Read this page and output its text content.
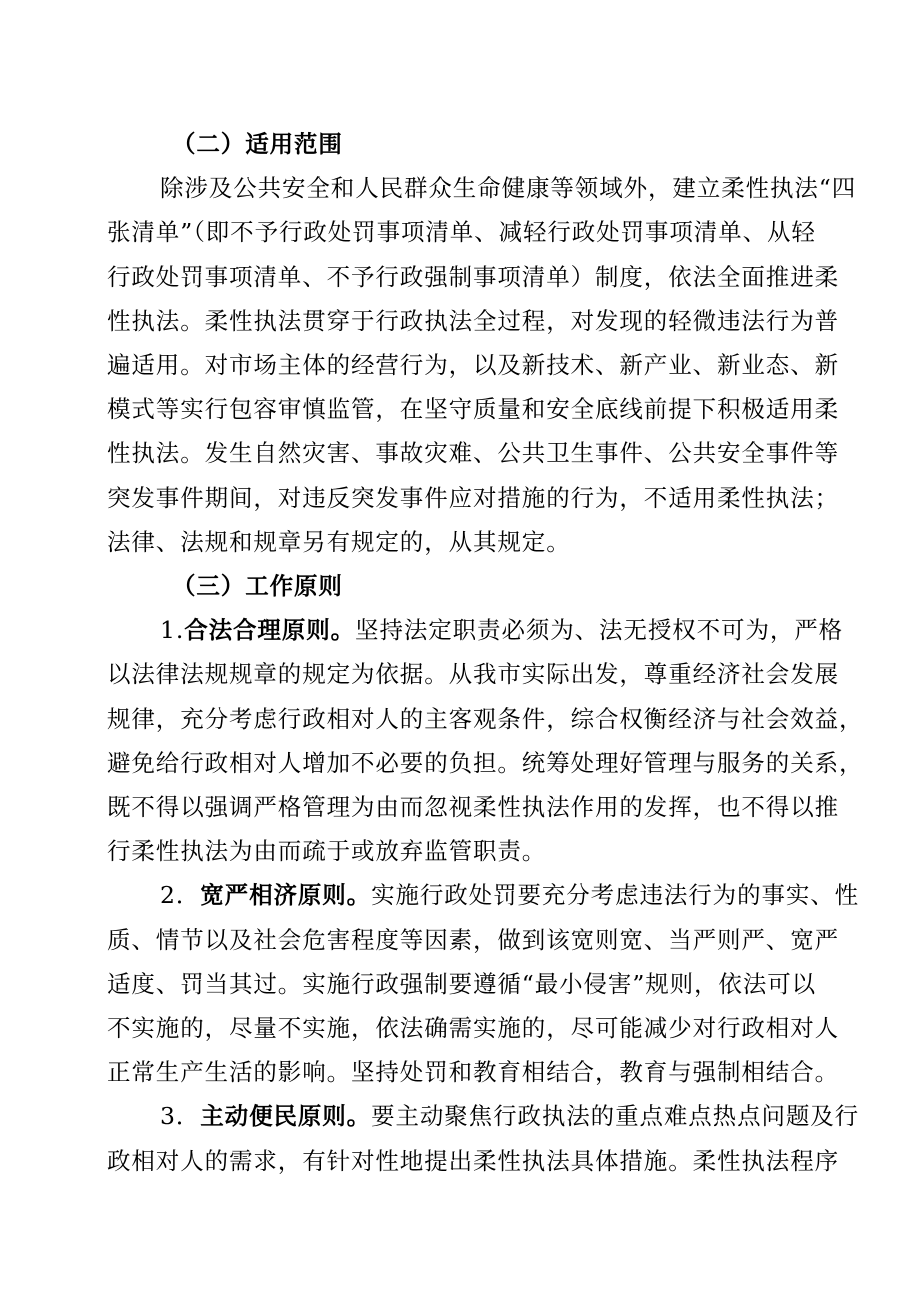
（二）适用范围
除涉及公共安全和人民群众生命健康等领域外，建立柔性执法“四
张清单”（即不予行政处罚事项清单、减轻行政处罚事项清单、从轻
行政处罚事项清单、不予行政强制事项清单）制度，依法全面推进柔
性执法。柔性执法贯穿于行政执法全过程，对发现的轻微违法行为普
遍适用。对市场主体的经营行为，以及新技术、新产业、新业态、新
模式等实行包容审慎监管，在坚守质量和安全底线前提下积极适用柔
性执法。发生自然灾害、事故灾难、公共卫生事件、公共安全事件等
突发事件期间，对违反突发事件应对措施的行为，不适用柔性执法；
法律、法规和规章另有规定的，从其规定。
（三）工作原则
1.合法合理原则。坚持法定职责必须为、法无授权不可为，严格
以法律法规规章的规定为依据。从我市实际出发，尊重经济社会发展
规律，充分考虑行政相对人的主客观条件，综合权衡经济与社会效益，
避免给行政相对人增加不必要的负担。统筹处理好管理与服务的关系，
既不得以强调严格管理为由而忽视柔性执法作用的发挥，也不得以推
行柔性执法为由而疏于或放弃监管职责。
2．宽严相济原则。实施行政处罚要充分考虑违法行为的事实、性
质、情节以及社会危害程度等因素，做到该宽则宽、当严则严、宽严
适度、罚当其过。实施行政强制要遵循“最小侵害”规则，依法可以
不实施的，尽量不实施，依法确需实施的，尽可能减少对行政相对人
正常生产生活的影响。坚持处罚和教育相结合，教育与强制相结合。
3．主动便民原则。要主动聚焦行政执法的重点难点热点问题及行
政相对人的需求，有针对性地提出柔性执法具体措施。柔性执法程序
